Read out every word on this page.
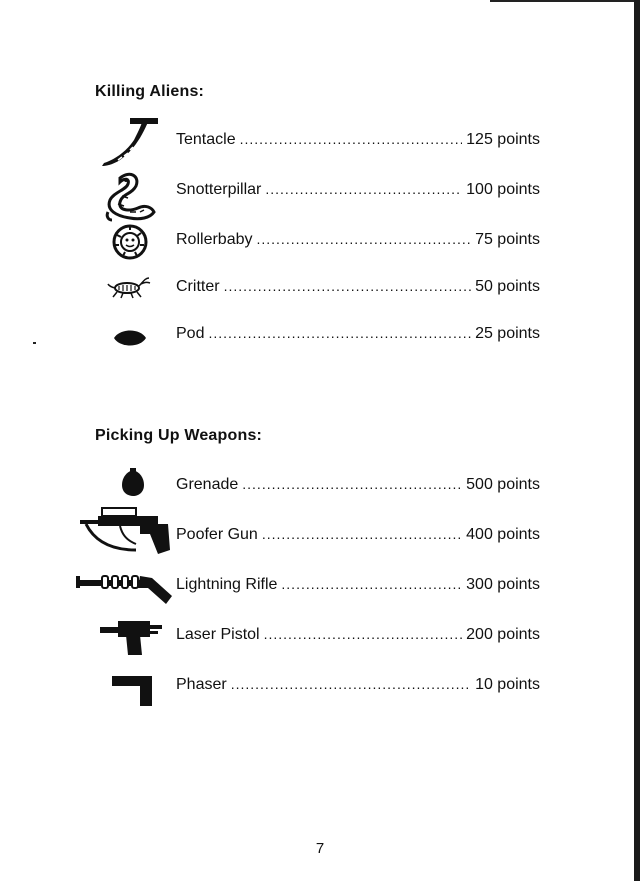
Killing Aliens:
Tentacle .....	125 points
Snotterpillar .....	100 points
Rollerbaby .....	75 points
Critter .....	50 points
Pod .....	25 points
Picking Up Weapons:
Grenade .....	500 points
Poofer Gun .....	400 points
Lightning Rifle .....	300 points
Laser Pistol .....	200 points
Phaser .....	10 points
7
